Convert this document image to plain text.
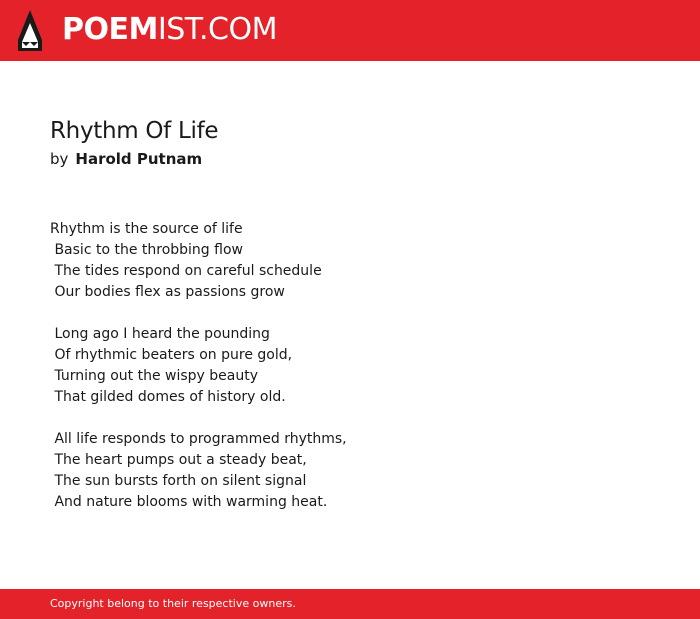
POEMIST.COM
Rhythm Of Life
by Harold Putnam
Rhythm is the source of life
Basic to the throbbing flow
The tides respond on careful schedule
Our bodies flex as passions grow
Long ago I heard the pounding
Of rhythmic beaters on pure gold,
Turning out the wispy beauty
That gilded domes of history old.
All life responds to programmed rhythms,
The heart pumps out a steady beat,
The sun bursts forth on silent signal
And nature blooms with warming heat.
Copyright belong to their respective owners.
